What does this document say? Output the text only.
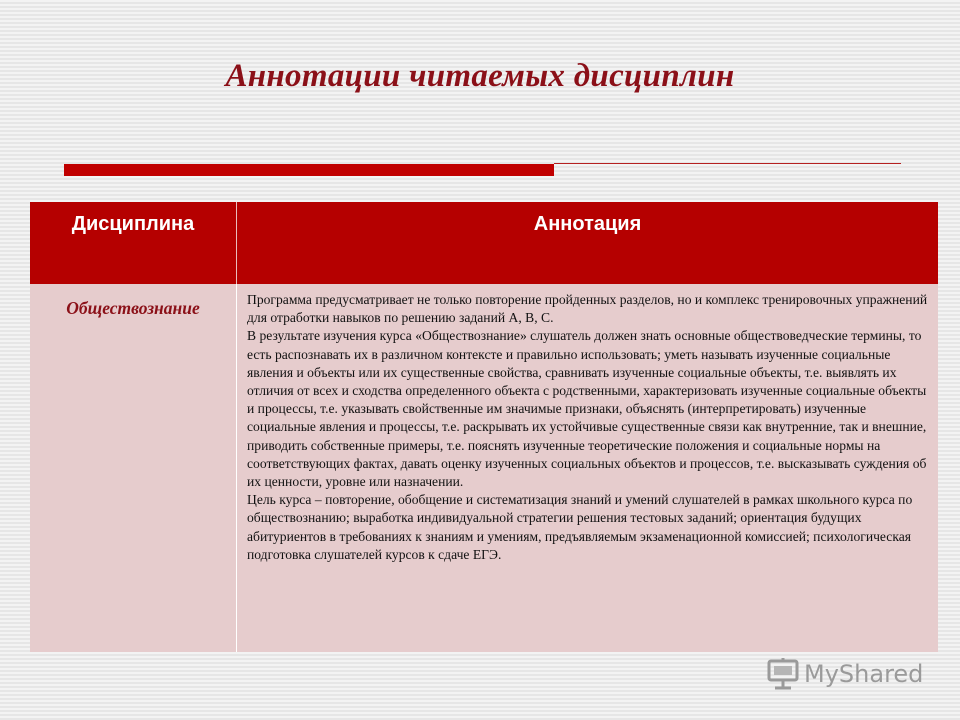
Аннотации читаемых дисциплин
Дисциплина	Аннотация
Обществознание	Программа предусматривает не только повторение пройденных разделов, но и комплекс тренировочных упражнений для отработки навыков по решению заданий А, В, С.

В результате изучения курса «Обществознание» слушатель должен знать основные обществоведческие термины, то есть распознавать их в различном контексте и правильно использовать; уметь называть изученные социальные явления и объекты или их существенные свойства, сравнивать изученные социальные объекты, т.е. выявлять их отличия от всех и сходства определенного объекта с родственными, характеризовать изученные социальные объекты и процессы, т.е. указывать свойственные им значимые признаки, объяснять (интерпретировать) изученные социальные явления и процессы, т.е. раскрывать их устойчивые существенные связи как внутренние, так и внешние, приводить собственные примеры, т.е. пояснять изученные теоретические положения и социальные нормы на соответствующих фактах, давать оценку изученных социальных объектов и процессов, т.е. высказывать суждения об их ценности, уровне или назначении.

Цель курса – повторение, обобщение и систематизация знаний и умений слушателей в рамках школьного курса по обществознанию; выработка индивидуальной стратегии решения тестовых заданий; ориентация будущих абитуриентов в требованиях к знаниям и умениям, предъявляемым экзаменационной комиссией; психологическая подготовка слушателей курсов к сдаче ЕГЭ.

MyShared
